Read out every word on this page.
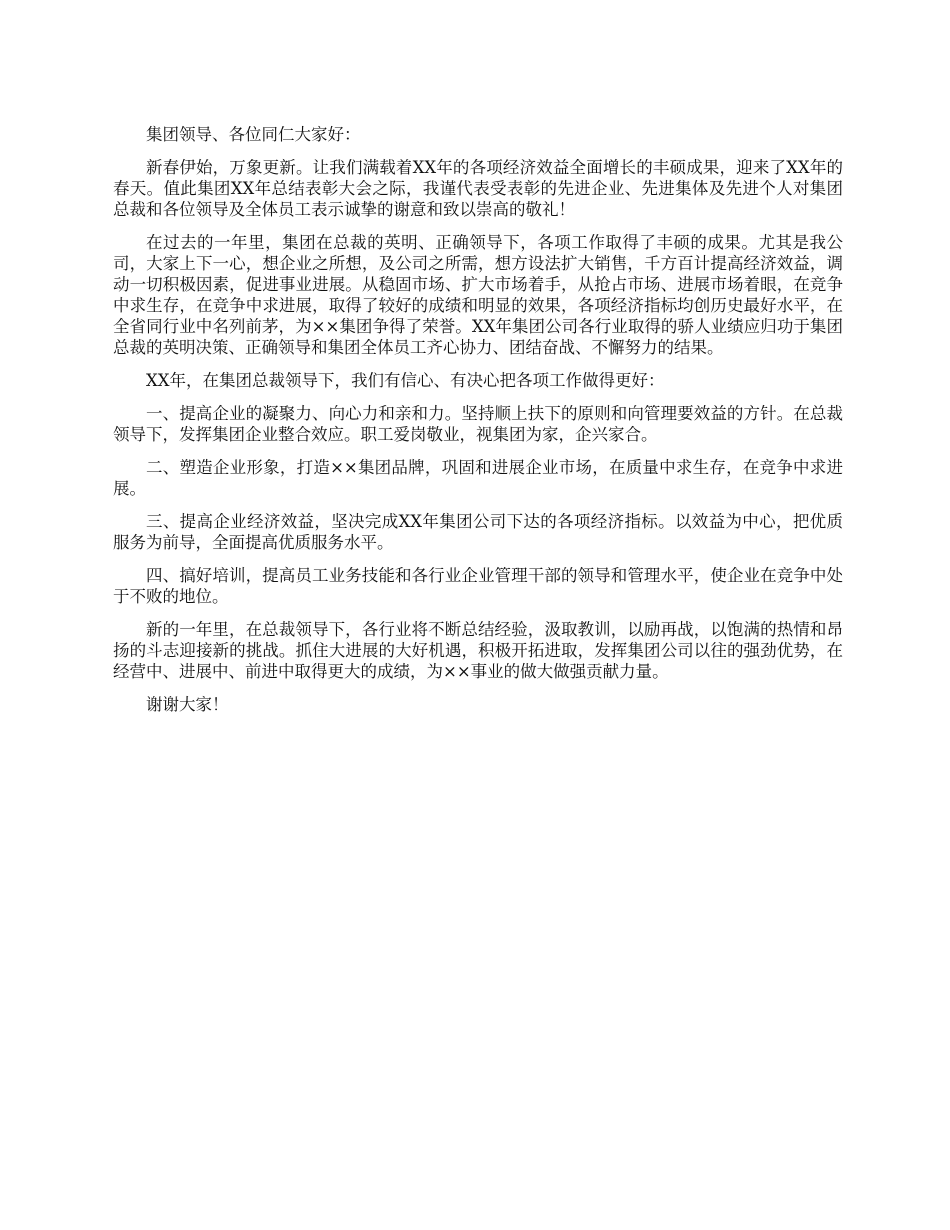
集团领导、各位同仁大家好：

新春伊始，万象更新。让我们满载着XX年的各项经济效益全面增长的丰硕成果，迎来了XX年的春天。值此集团XX年总结表彰大会之际，我谨代表受表彰的先进企业、先进集体及先进个人对集团总裁和各位领导及全体员工表示诚挚的谢意和致以崇高的敬礼！

在过去的一年里，集团在总裁的英明、正确领导下，各项工作取得了丰硕的成果。尤其是我公司，大家上下一心，想企业之所想，及公司之所需，想方设法扩大销售，千方百计提高经济效益，调动一切积极因素，促进事业进展。从稳固市场、扩大市场着手，从抢占市场、进展市场着眼，在竞争中求生存，在竞争中求进展，取得了较好的成绩和明显的效果，各项经济指标均创历史最好水平，在全省同行业中名列前茅，为××集团争得了荣誉。XX年集团公司各行业取得的骄人业绩应归功于集团总裁的英明决策、正确领导和集团全体员工齐心协力、团结奋战、不懈努力的结果。

XX年，在集团总裁领导下，我们有信心、有决心把各项工作做得更好：

一、提高企业的凝聚力、向心力和亲和力。坚持顺上扶下的原则和向管理要效益的方针。在总裁领导下，发挥集团企业整合效应。职工爱岗敬业，视集团为家，企兴家合。

二、塑造企业形象，打造××集团品牌，巩固和进展企业市场，在质量中求生存，在竞争中求进展。

三、提高企业经济效益，坚决完成XX年集团公司下达的各项经济指标。以效益为中心，把优质服务为前导，全面提高优质服务水平。

四、搞好培训，提高员工业务技能和各行业企业管理干部的领导和管理水平，使企业在竞争中处于不败的地位。

新的一年里，在总裁领导下，各行业将不断总结经验，汲取教训，以励再战，以饱满的热情和昂扬的斗志迎接新的挑战。抓住大进展的大好机遇，积极开拓进取，发挥集团公司以往的强劲优势，在经营中、进展中、前进中取得更大的成绩，为××事业的做大做强贡献力量。

谢谢大家！
